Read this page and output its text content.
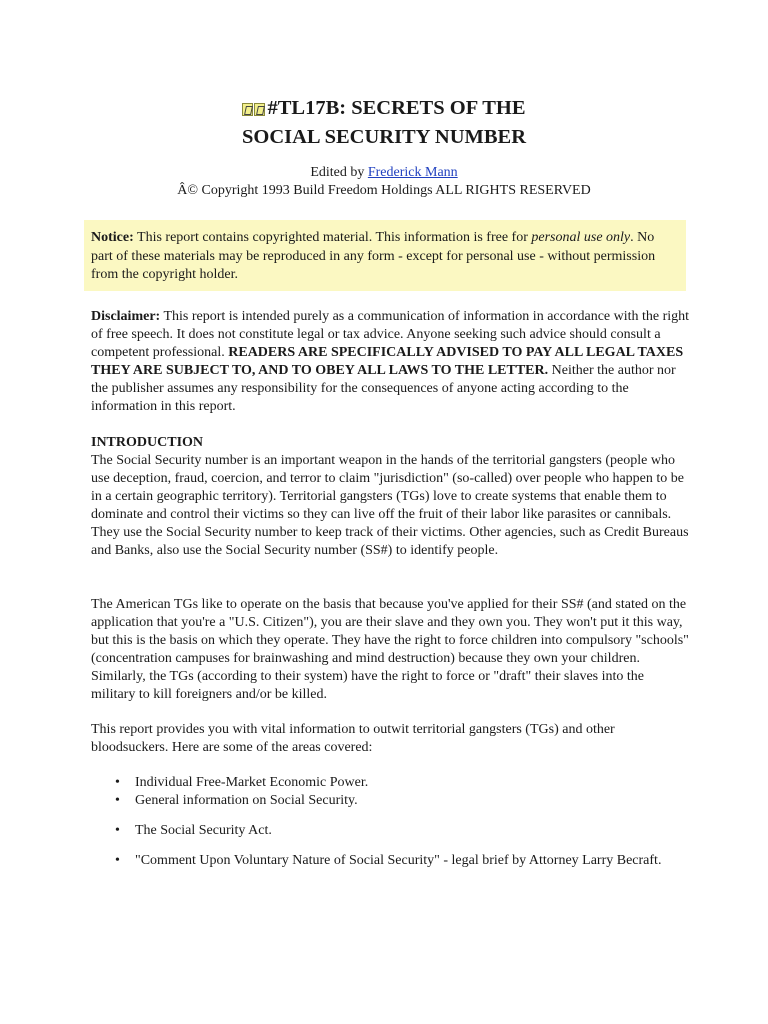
#TL17B: SECRETS OF THE
SOCIAL SECURITY NUMBER
Edited by Frederick Mann
Â© Copyright 1993 Build Freedom Holdings ALL RIGHTS RESERVED
Notice: This report contains copyrighted material. This information is free for personal use only. No part of these materials may be reproduced in any form - except for personal use - without permission from the copyright holder.
Disclaimer: This report is intended purely as a communication of information in accordance with the right of free speech. It does not constitute legal or tax advice. Anyone seeking such advice should consult a competent professional. READERS ARE SPECIFICALLY ADVISED TO PAY ALL LEGAL TAXES THEY ARE SUBJECT TO, AND TO OBEY ALL LAWS TO THE LETTER. Neither the author nor the publisher assumes any responsibility for the consequences of anyone acting according to the information in this report.
INTRODUCTION
The Social Security number is an important weapon in the hands of the territorial gangsters (people who use deception, fraud, coercion, and terror to claim "jurisdiction" (so-called) over people who happen to be in a certain geographic territory). Territorial gangsters (TGs) love to create systems that enable them to dominate and control their victims so they can live off the fruit of their labor like parasites or cannibals. They use the Social Security number to keep track of their victims. Other agencies, such as Credit Bureaus and Banks, also use the Social Security number (SS#) to identify people.
The American TGs like to operate on the basis that because you've applied for their SS# (and stated on the application that you're a "U.S. Citizen"), you are their slave and they own you. They won't put it this way, but this is the basis on which they operate. They have the right to force children into compulsory "schools" (concentration campuses for brainwashing and mind destruction) because they own your children. Similarly, the TGs (according to their system) have the right to force or "draft" their slaves into the military to kill foreigners and/or be killed.
This report provides you with vital information to outwit territorial gangsters (TGs) and other bloodsuckers. Here are some of the areas covered:
• Individual Free-Market Economic Power.
• General information on Social Security.
• The Social Security Act.
• "Comment Upon Voluntary Nature of Social Security" - legal brief by Attorney Larry Becraft.
